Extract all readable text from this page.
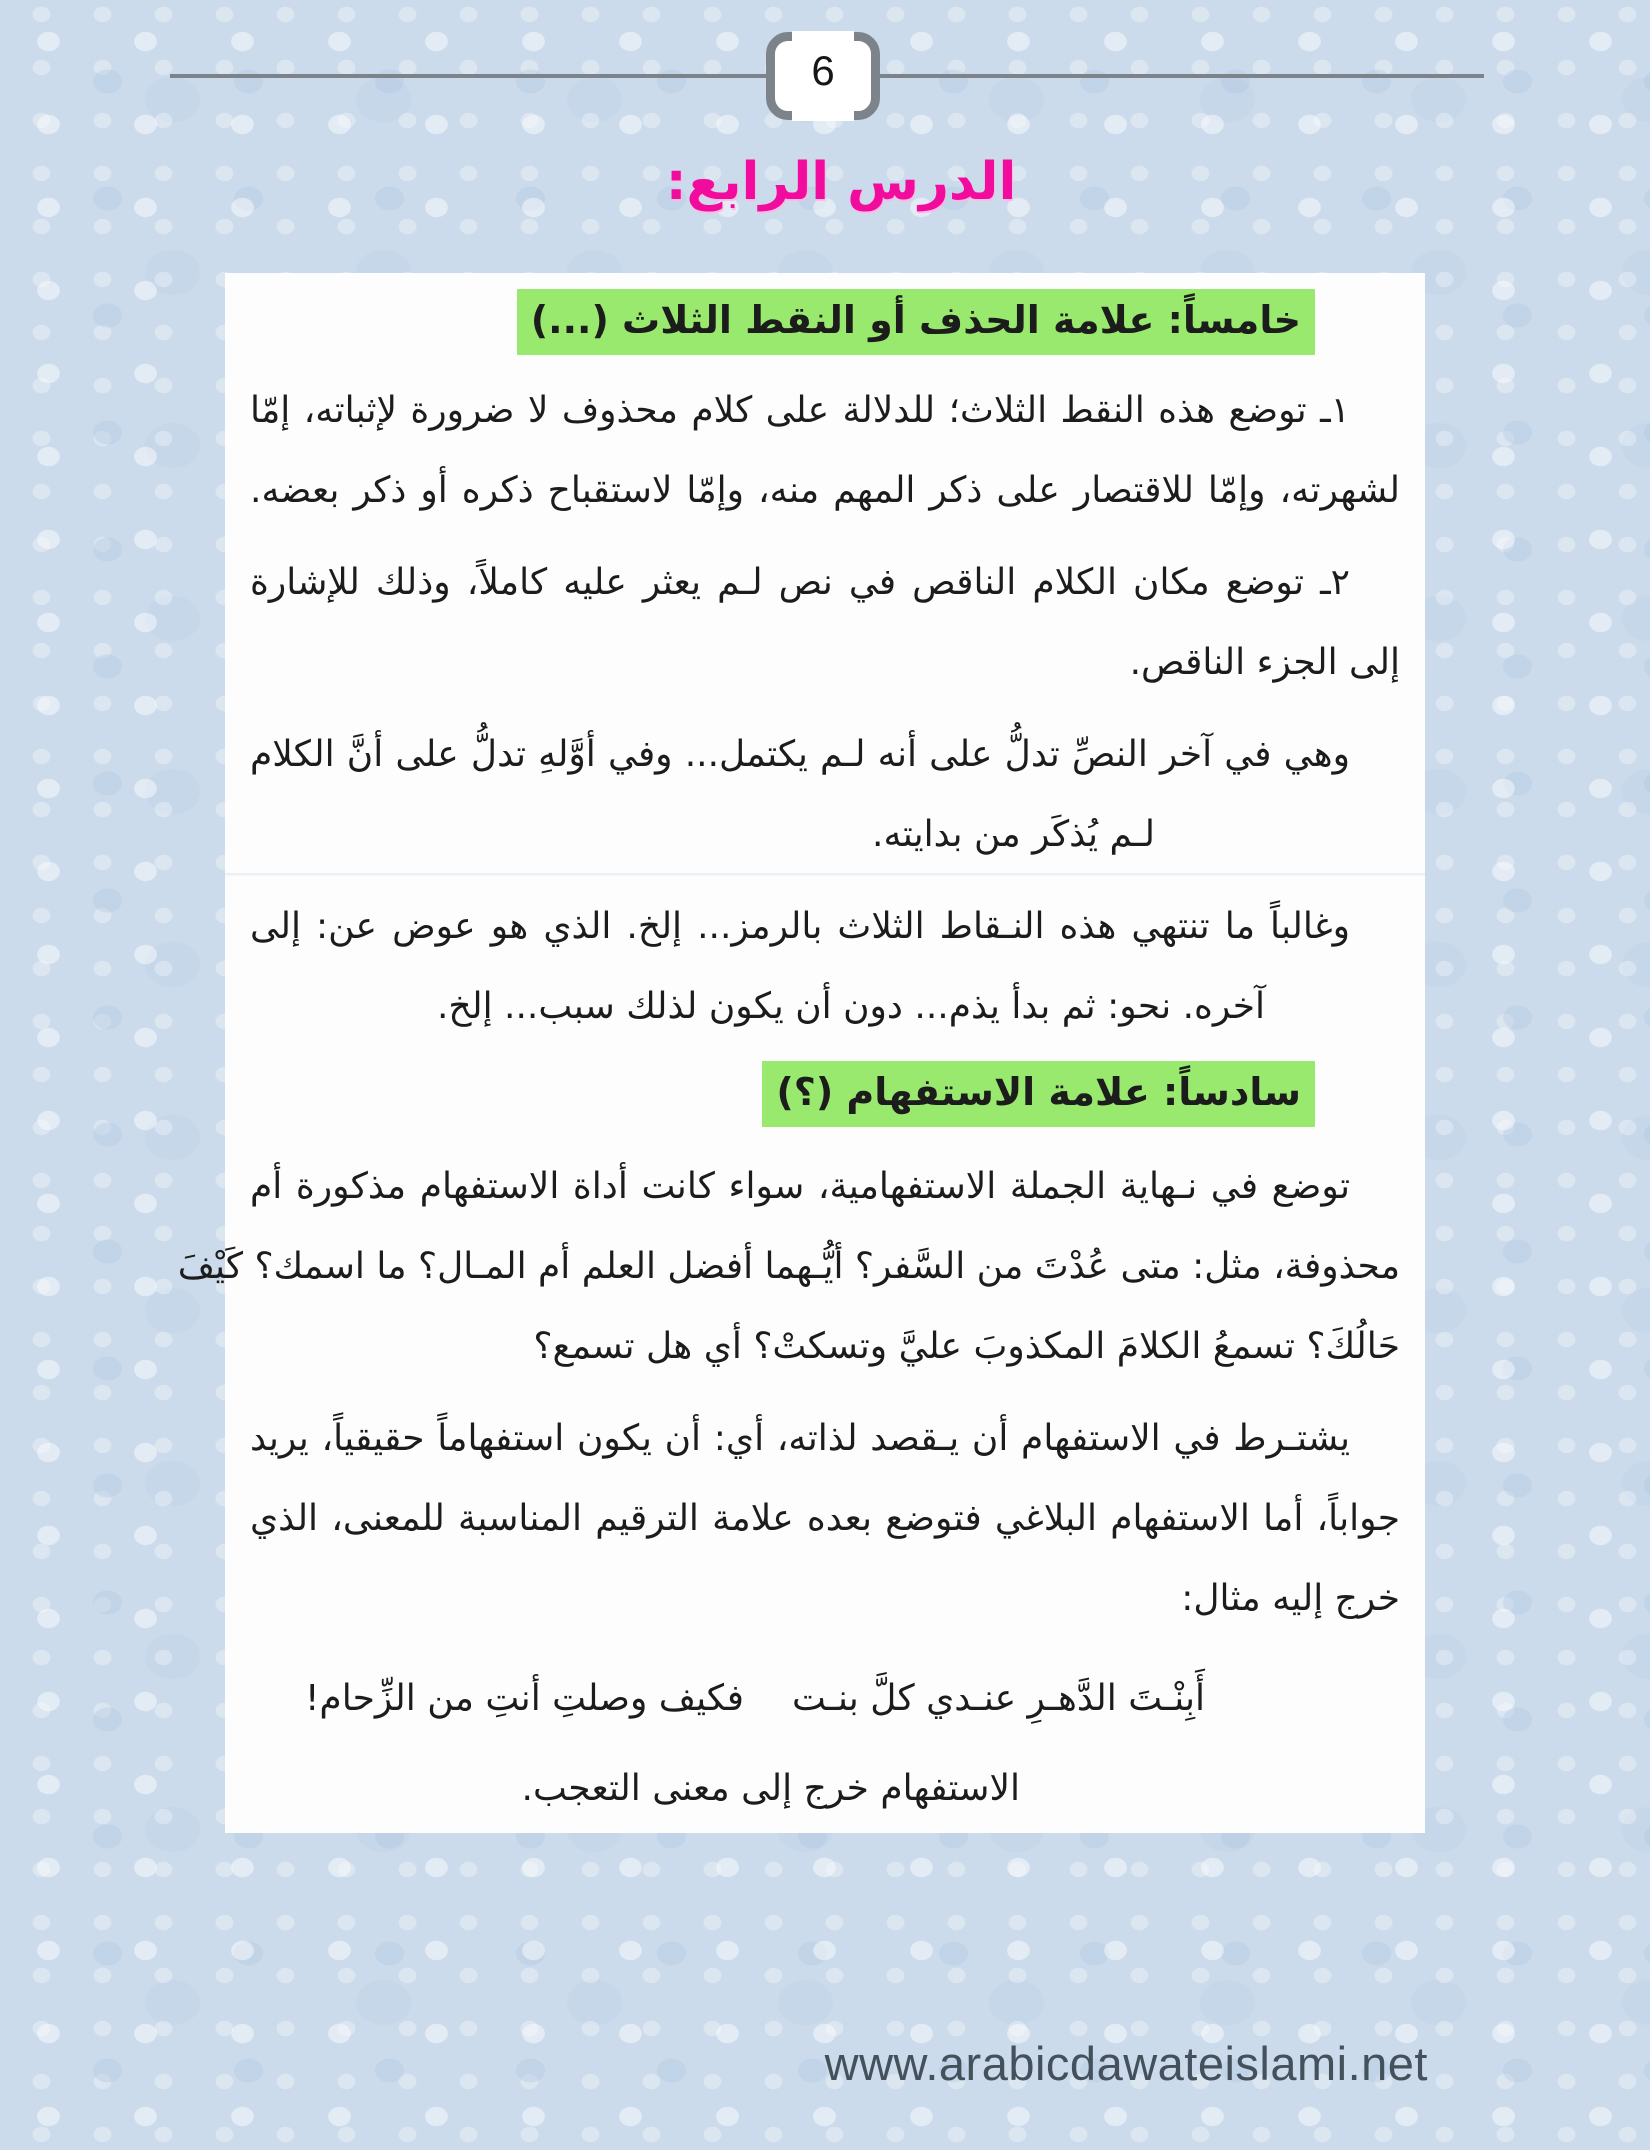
6
الدرس الرابع:
خامساً: علامة الحذف أو النقط الثلاث (...)
١ـ توضع هذه النقط الثلاث؛ للدلالة على كلام محذوف لا ضرورة لإثباته، إمّا
لشهرته، وإمّا للاقتصار على ذكر المهم منه، وإمّا لاستقباح ذكره أو ذكر بعضه.
٢ـ توضع مكان الكلام الناقص في نص لـم يعثر عليه كاملاً، وذلك للإشارة
إلى الجزء الناقص.
وهي في آخر النصِّ تدلُّ على أنه لـم يكتمل... وفي أوَّلهِ تدلُّ على أنَّ الكلام
لـم يُذكَر من بدايته.
وغالباً ما تنتهي هذه النـقاط الثلاث بالرمز... إلخ. الذي هو عوض عن: إلى
آخره. نحو: ثم بدأ يذم... دون أن يكون لذلك سبب... إلخ.
سادساً: علامة الاستفهام (؟)
توضع في نـهاية الجملة الاستفهامية، سواء كانت أداة الاستفهام مذكورة أم
محذوفة، مثل: متى عُدْتَ من السَّفر؟ أيُّـهما أفضل العلم أم المـال؟ ما اسمك؟ كَيْفَ
حَالُكَ؟ تسمعُ الكلامَ المكذوبَ عليَّ وتسكتْ؟ أي هل تسمع؟
يشتـرط في الاستفهام أن يـقصد لذاته، أي: أن يكون استفهاماً حقيقياً، يريد
جواباً، أما الاستفهام البلاغي فتوضع بعده علامة الترقيم المناسبة للمعنى، الذي
خرج إليه مثال:
أَبِنْـتَ الدَّهـرِ عنـدي كلَّ بنـتفكيف وصلتِ أنتِ من الزِّحام!
الاستفهام خرج إلى معنى التعجب.
www.arabicdawateislami.net
